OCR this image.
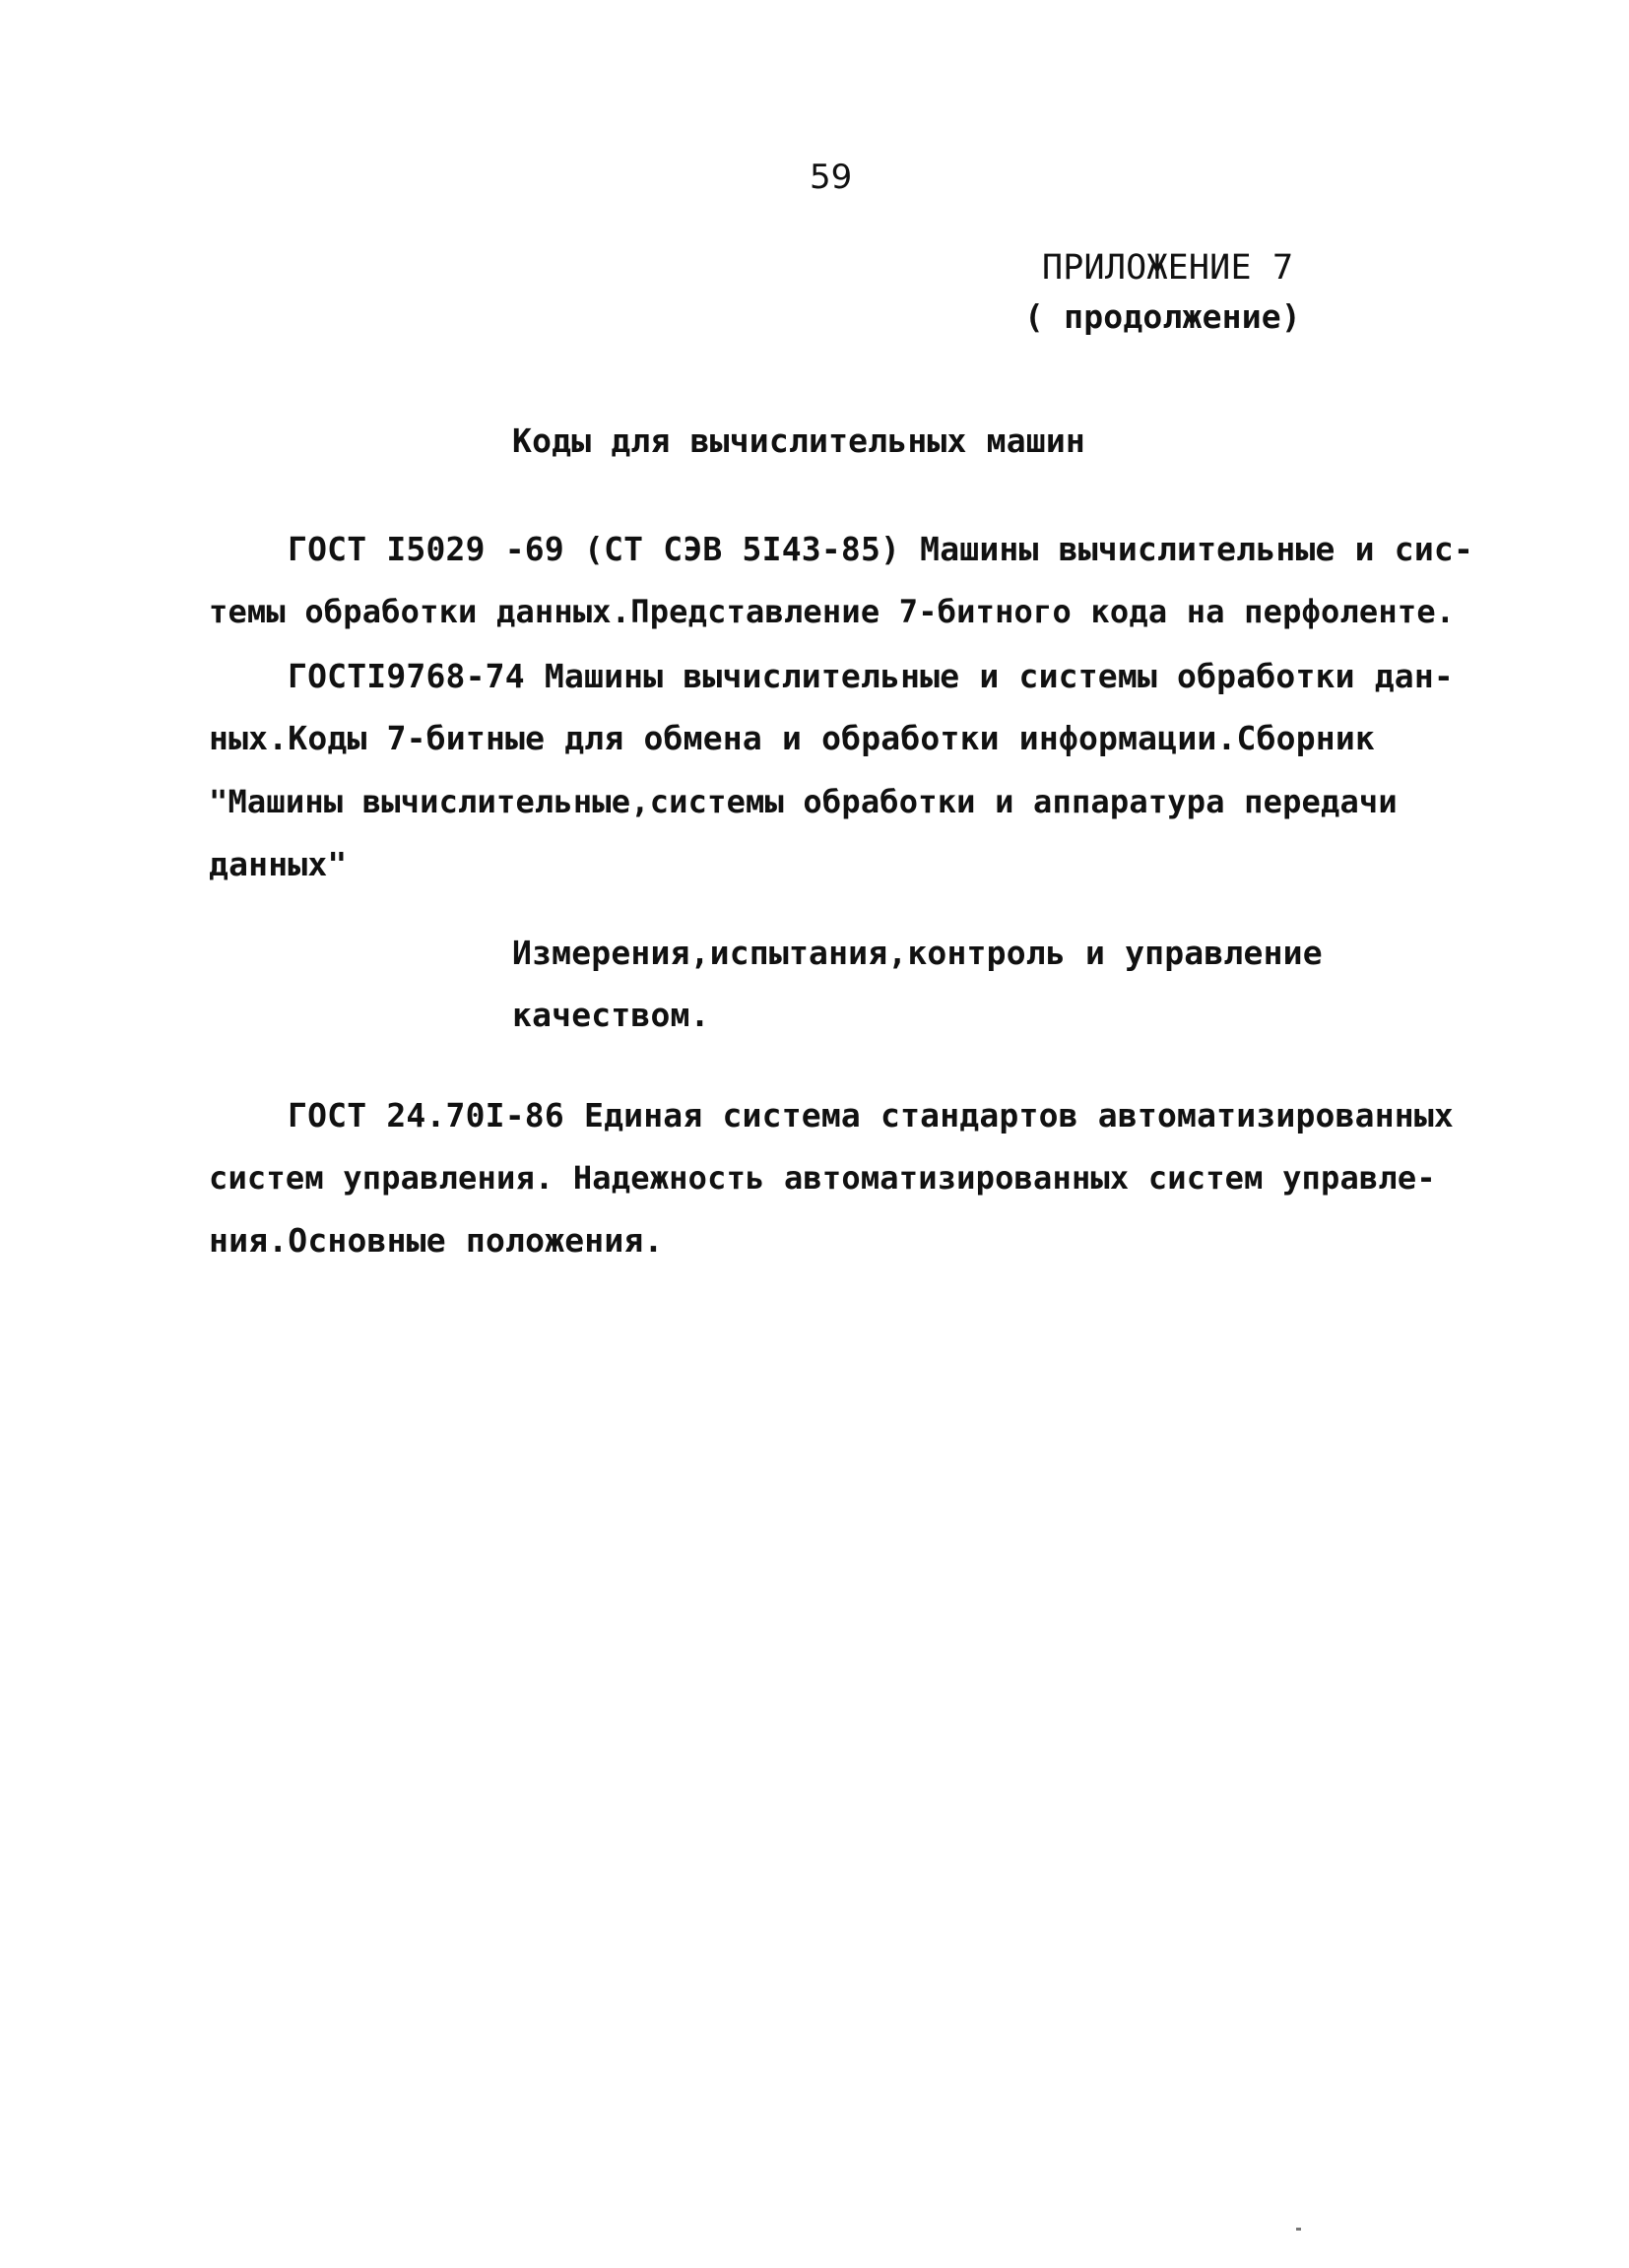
59
ПРИЛОЖЕНИЕ 7
( продолжение)
Коды для вычислительных машин
ГОСТ I5029 -69 (СТ СЭВ 5I43-85) Машины вычислительные и сис-
темы обработки данных.Представление 7-битного кода на перфоленте.
ГОСТI9768-74 Машины вычислительные и системы обработки дан-
ных.Коды 7-битные для обмена и обработки информации.Сборник
"Машины вычислительные,системы обработки и аппаратура передачи
данных"
Измерения,испытания,контроль и управление
качеством.
ГОСТ 24.70I-86 Единая система стандартов автоматизированных
систем управления. Надежность автоматизированных систем управле-
ния.Основные положения.
